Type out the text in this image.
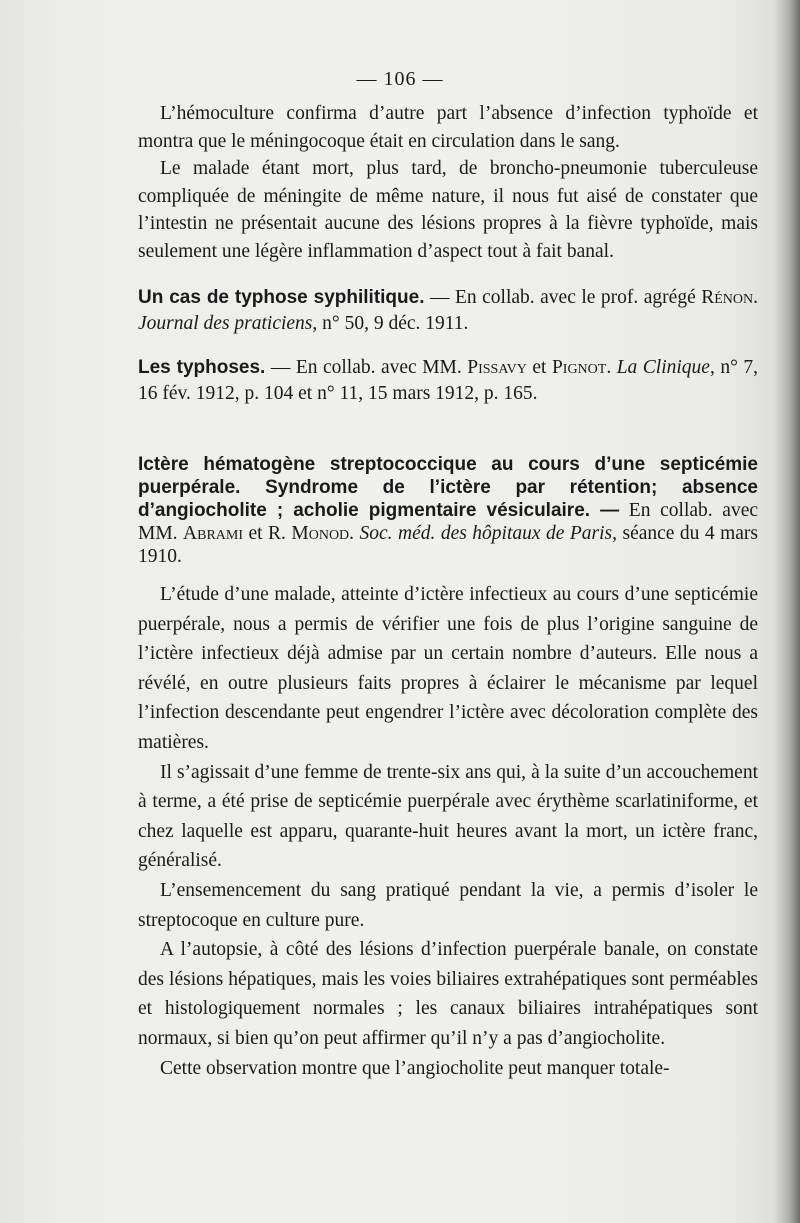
— 106 —

L’hémoculture confirma d’autre part l’absence d’infection typhoïde et montra que le méningocoque était en circulation dans le sang.

Le malade étant mort, plus tard, de broncho-pneumonie tuberculeuse compliquée de méningite de même nature, il nous fut aisé de constater que l’intestin ne présentait aucune des lésions propres à la fièvre typhoïde, mais seulement une légère inflammation d’aspect tout à fait banal.

Un cas de typhose syphilitique. — En collab. avec le prof. agrégé Rénon. Journal des praticiens, n° 50, 9 déc. 1911.

Les typhoses. — En collab. avec MM. Pissavy et Pignot. La Clinique, n° 7, 16 fév. 1912, p. 104 et n° 11, 15 mars 1912, p. 165.

Ictère hématogène streptococcique au cours d’une septicémie puerpérale. Syndrome de l’ictère par rétention; absence d’angiocholite ; acholie pigmentaire vésiculaire. — En collab. avec MM. Abrami et R. Monod. Soc. méd. des hôpitaux de Paris, séance du 4 mars 1910.

L’étude d’une malade, atteinte d’ictère infectieux au cours d’une septicémie puerpérale, nous a permis de vérifier une fois de plus l’origine sanguine de l’ictère infectieux déjà admise par un certain nombre d’auteurs. Elle nous a révélé, en outre plusieurs faits propres à éclairer le mécanisme par lequel l’infection descendante peut engendrer l’ictère avec décoloration complète des matières.

Il s’agissait d’une femme de trente-six ans qui, à la suite d’un accouchement à terme, a été prise de septicémie puerpérale avec érythème scarlatiniforme, et chez laquelle est apparu, quarante-huit heures avant la mort, un ictère franc, généralisé.

L’ensemencement du sang pratiqué pendant la vie, a permis d’isoler le streptocoque en culture pure.

A l’autopsie, à côté des lésions d’infection puerpérale banale, on constate des lésions hépatiques, mais les voies biliaires extrahépatiques sont perméables et histologiquement normales ; les canaux biliaires intrahépatiques sont normaux, si bien qu’on peut affirmer qu’il n’y a pas d’angiocholite.

Cette observation montre que l’angiocholite peut manquer totale-
